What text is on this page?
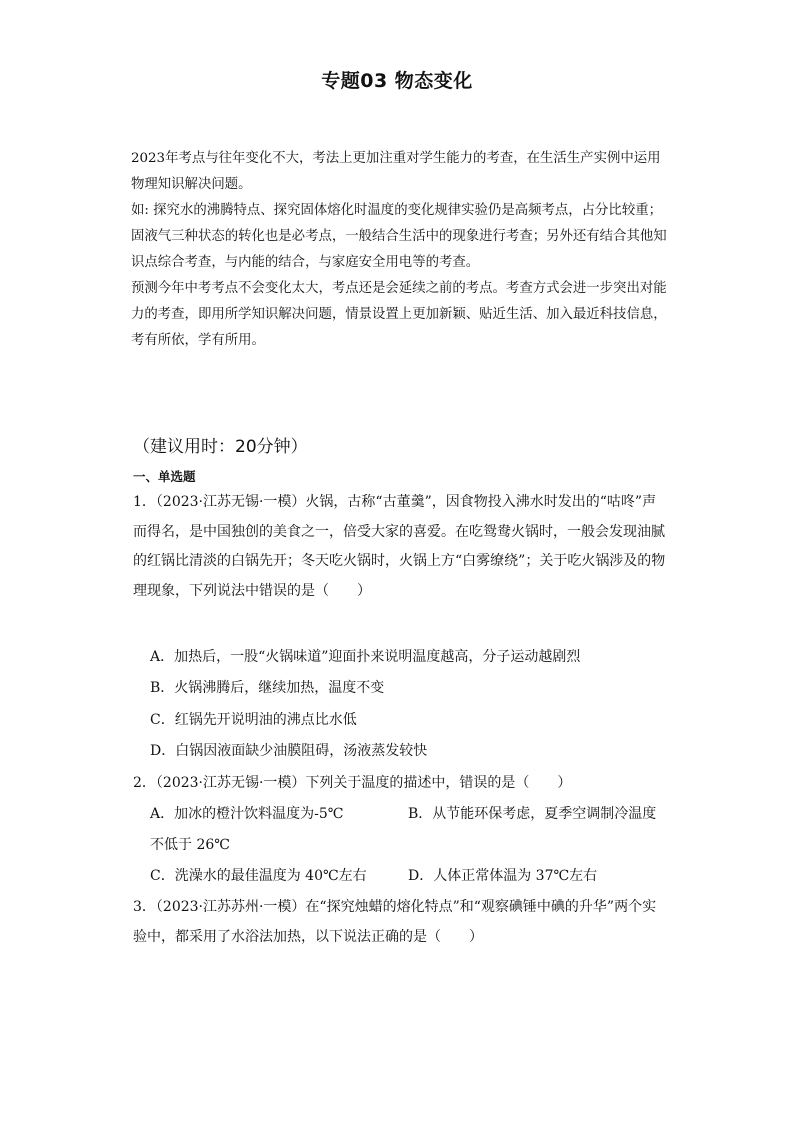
专题03 物态变化

2023年考点与往年变化不大，考法上更加注重对学生能力的考查，在生活生产实例中运用物理知识解决问题。

如: 探究水的沸腾特点、探究固体熔化时温度的变化规律实验仍是高频考点，占分比较重；固液气三种状态的转化也是必考点，一般结合生活中的现象进行考查；另外还有结合其他知识点综合考查，与内能的结合，与家庭安全用电等的考查。

预测今年中考考点不会变化太大，考点还是会延续之前的考点。考查方式会进一步突出对能力的考查，即用所学知识解决问题，情景设置上更加新颖、贴近生活、加入最近科技信息，考有所依，学有所用。

（建议用时：20分钟）
一、单选题

1．（2023·江苏无锡·一模）火锅，古称“古董羹”，因食物投入沸水时发出的“咕咚”声而得名，是中国独创的美食之一，倍受大家的喜爱。在吃鸳鸯火锅时，一般会发现油腻的红锅比清淡的白锅先开；冬天吃火锅时，火锅上方“白雾缭绕”；关于吃火锅涉及的物理现象，下列说法中错误的是（　　）

A．加热后，一股“火锅味道”迎面扑来说明温度越高，分子运动越剧烈
B．火锅沸腾后，继续加热，温度不变
C．红锅先开说明油的沸点比水低
D．白锅因液面缺少油膜阻碍，汤液蒸发较快

2．（2023·江苏无锡·一模）下列关于温度的描述中，错误的是（　　）

A．加冰的橙汁饮料温度为-5℃	B．从节能环保考虑，夏季空调制冷温度
不低于 26℃
C．洗澡水的最佳温度为 40℃左右	D．人体正常体温为 37℃左右

3．（2023·江苏苏州·一模）在“探究烛蜡的熔化特点”和“观察碘锤中碘的升华”两个实验中，都采用了水浴法加热，以下说法正确的是（　　）
